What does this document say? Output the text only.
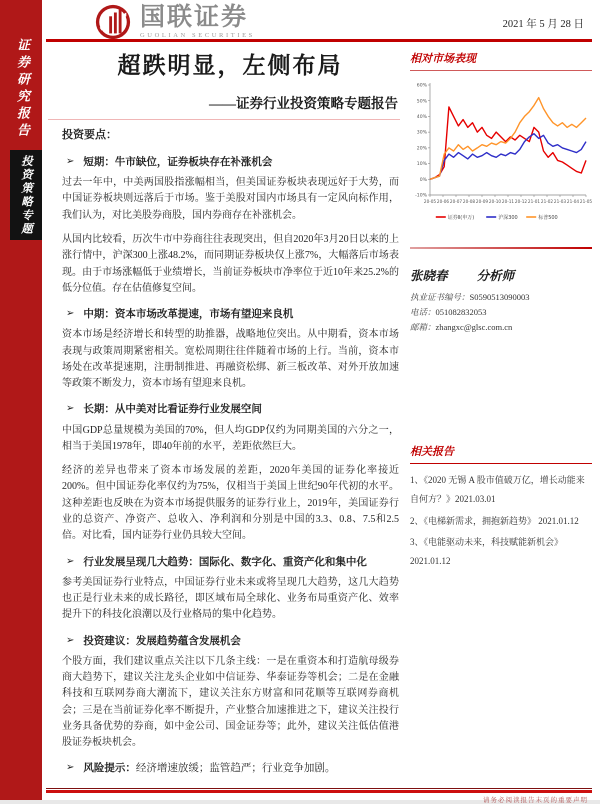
证券研究报告
投资策略专题
国联证券
GUOLIAN SECURITIES
2021 年 5 月 28 日
超跌明显，左侧布局
——证券行业投资策略专题报告
投资要点：
➢ 短期：牛市缺位，证券板块存在补涨机会
过去一年中，中美两国股指涨幅相当，但美国证券板块表现远好于大势，而中国证券板块则远落后于市场。鉴于美股对国内市场具有一定风向标作用，我们认为，对比美股券商股，国内券商存在补涨机会。
从国内比较看，历次牛市中券商往往表现突出，但自2020年3月20日以来的上涨行情中，沪深300上涨48.2%，而同期证券板块仅上涨7%，大幅落后市场表现。由于市场涨幅低于业绩增长，当前证券板块市净率位于近10年来25.2%的低分位值。存在估值修复空间。
➢ 中期：资本市场改革提速，市场有望迎来良机
资本市场是经济增长和转型的助推器，战略地位突出。从中期看，资本市场表现与政策周期紧密相关。宽松周期往往伴随着市场的上行。当前，资本市场处在改革提速期，注册制推进、再融资松绑、新三板改革、对外开放加速等政策不断发力，资本市场有望迎来良机。
➢ 长期：从中美对比看证券行业发展空间
中国GDP总量规模为美国的70%，但人均GDP仅约为同期美国的六分之一，相当于美国1978年，即40年前的水平，差距依然巨大。
经济的差异也带来了资本市场发展的差距，2020年美国的证券化率接近200%。但中国证券化率仅约为75%，仅相当于美国上世纪90年代初的水平。这种差距也反映在为资本市场提供服务的证券行业上，2019年，美国证券行业的总资产、净资产、总收入、净利润和分别是中国的3.3、0.8、7.5和2.5倍。对比看，国内证券行业仍具较大空间。
➢ 行业发展呈现几大趋势：国际化、数字化、重资产化和集中化
参考美国证券行业特点，中国证券行业未来或将呈现几大趋势，这几大趋势也正是行业未来的成长路径，即区域布局全球化、业务布局重资产化、效率提升下的科技化浪潮以及行业格局的集中化趋势。
➢ 投资建议：发展趋势蕴含发展机会
个股方面，我们建议重点关注以下几条主线：一是在重资本和打造航母级券商大趋势下，建议关注龙头企业如中信证券、华泰证券等机会；二是在金融科技和互联网券商大潮流下，建议关注东方财富和同花顺等互联网券商机会；三是在当前证券化率不断提升，产业整合加速推进之下，建议关注投行业务具备优势的券商，如中金公司、国金证券等；此外，建议关注低估值港股证券板块机会。
➢ 风险提示： 经济增速放缓；监管趋严；行业竞争加剧。
相对市场表现
60%
50%
40%
30%
20%
10%
0%
-10%
20-05 20-06 20-07 20-08 20-09 20-10 20-11 20-12 21-01 21-02 21-03 21-04 21-05
证券Ⅱ(申万)	沪深300	标普500
张晓春 分析师
执业证书编号：S0590513090003
电话：051082832053
邮箱：zhangxc@glsc.com.cn
相关报告
1、《2020 无锡 A 股市值破万亿，增长动能来自何方？》2021.03.01
2、《电梯新需求，拥抱新趋势》 2021.01.12
3、《电能驱动未来，科技赋能新机会》 2021.01.12
请务必阅读报告末页的重要声明
